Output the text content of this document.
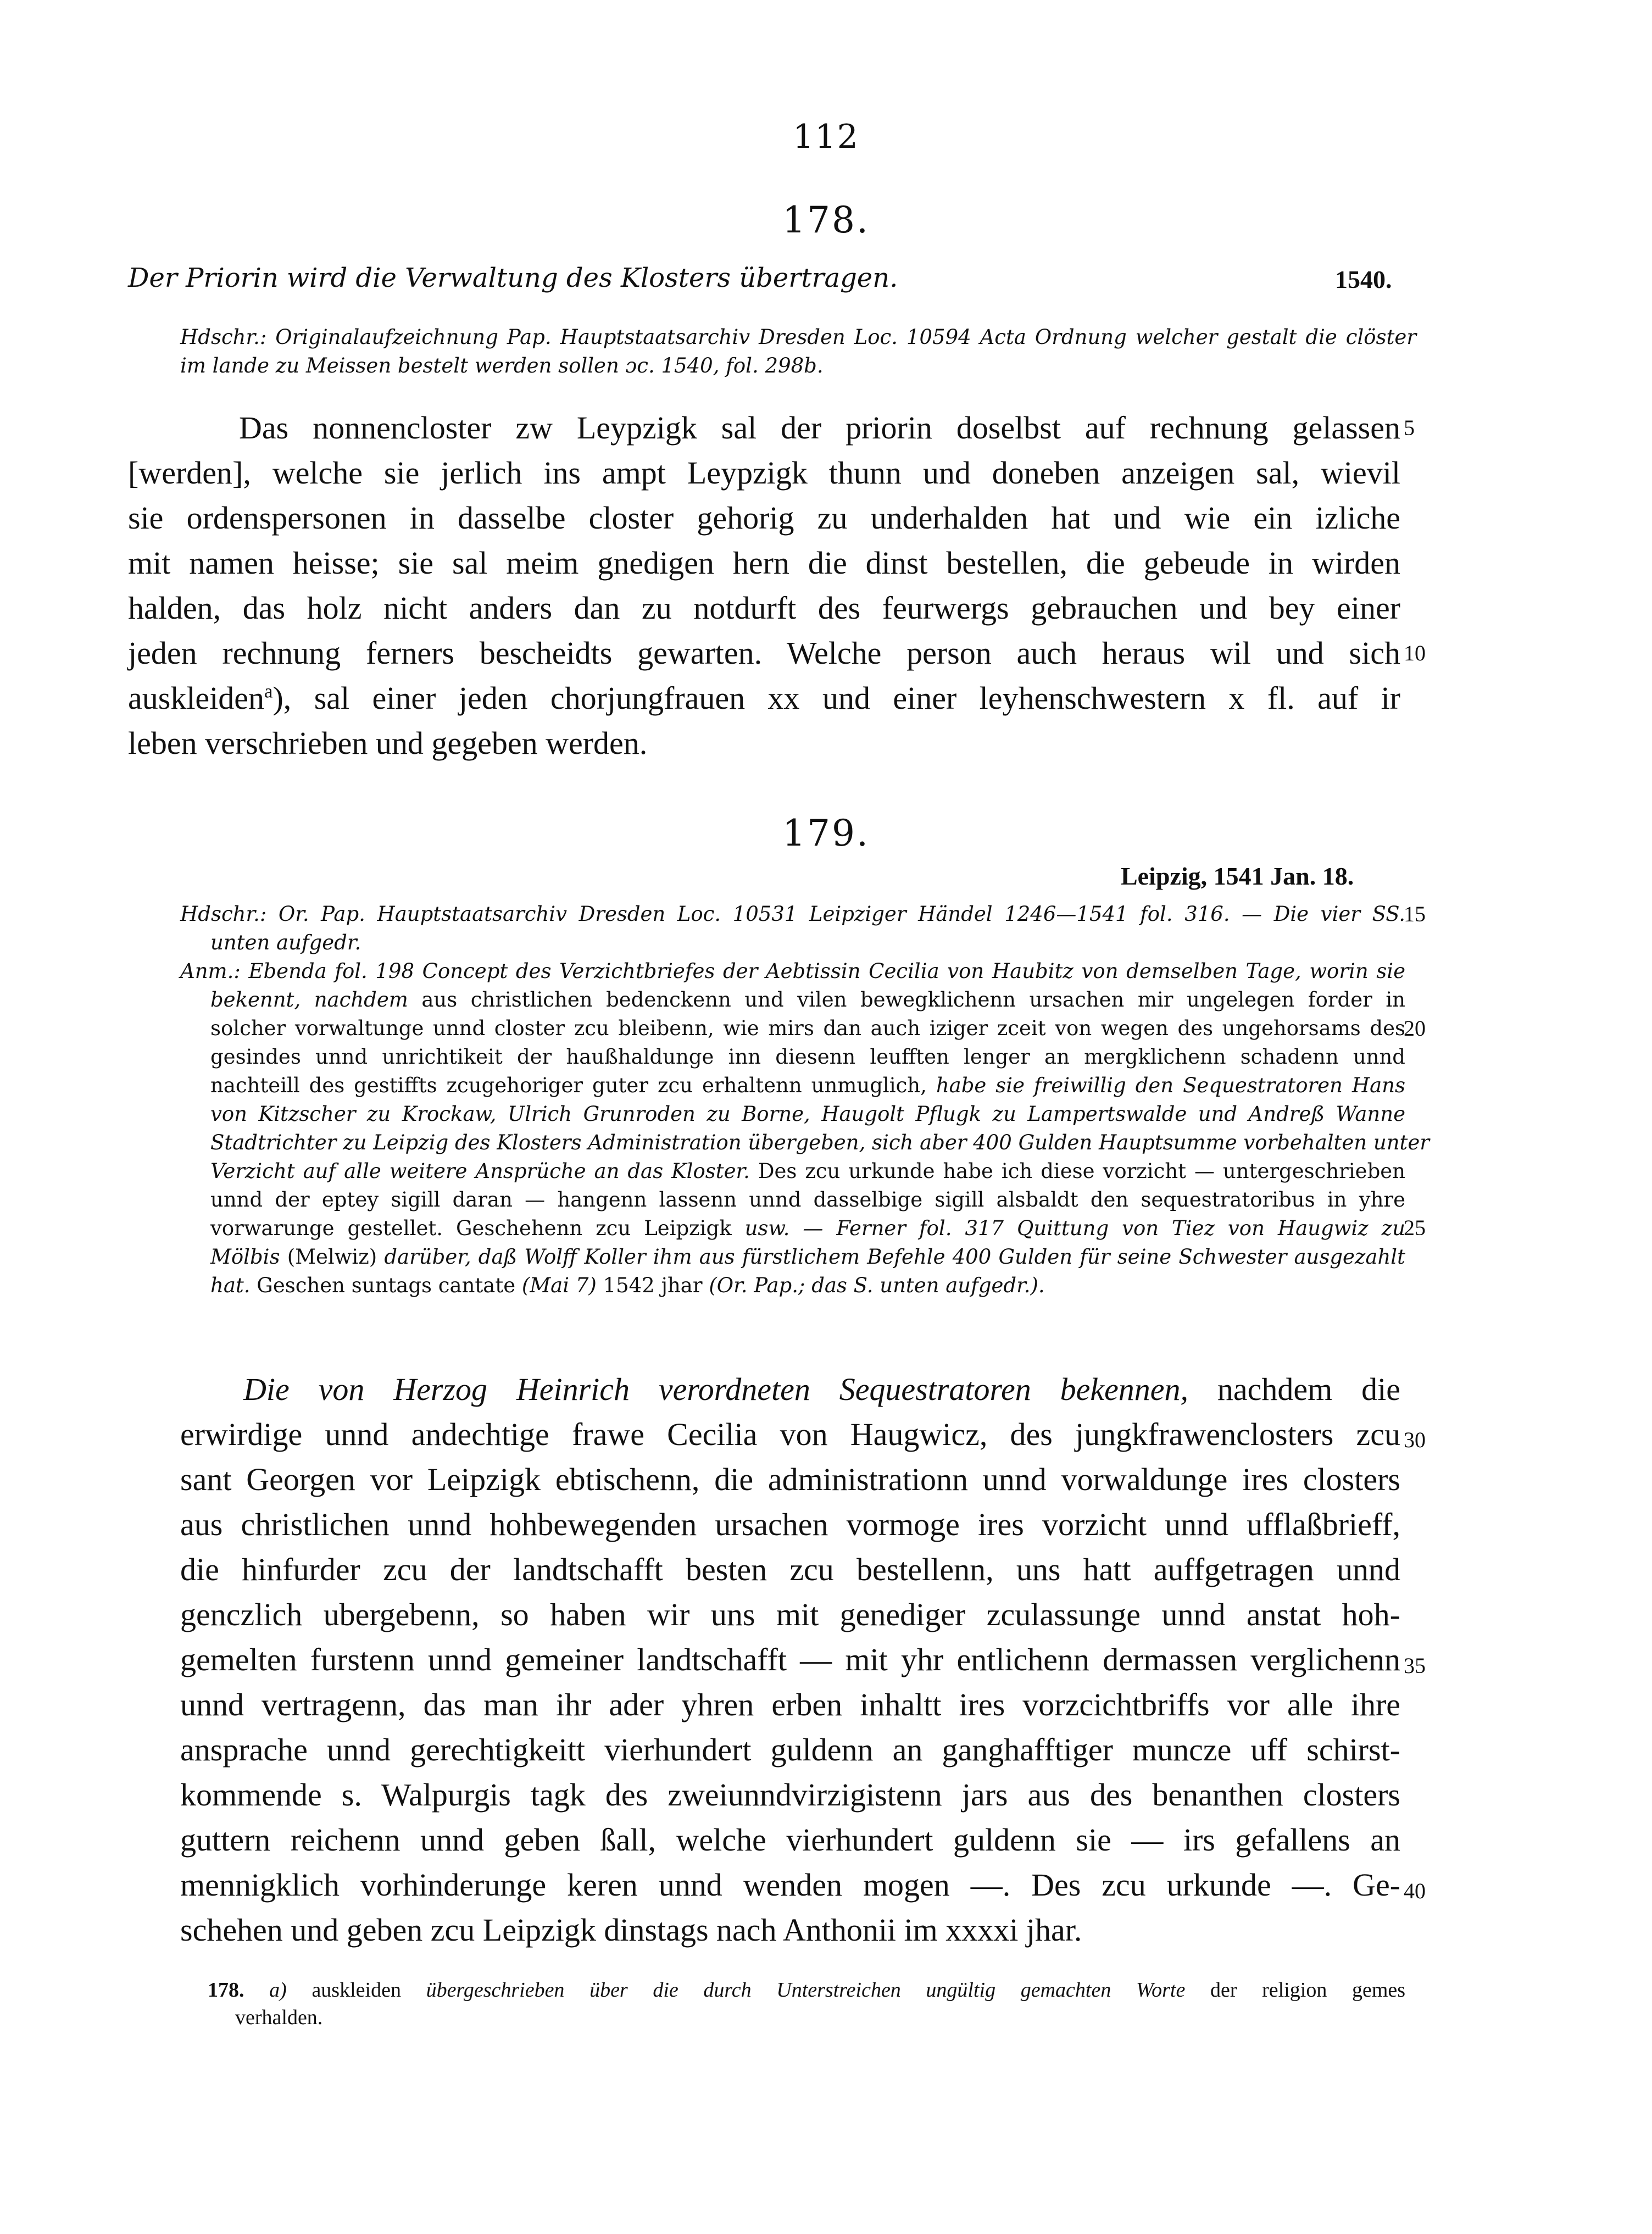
112
178.
Der Priorin wird die Verwaltung des Klosters übertragen.	1540.
Hdschr.: Originalaufzeichnung Pap. Hauptstaatsarchiv Dresden Loc. 10594 Acta Ordnung welcher gestalt die clöster
im lande zu Meissen bestelt werden sollen ɔc. 1540, fol. 298b.
Das nonnencloster zw Leypzigk sal der priorin doselbst auf rechnung gelassen
[werden], welche sie jerlich ins ampt Leypzigk thunn und doneben anzeigen sal, wievil
sie ordenspersonen in dasselbe closter gehorig zu underhalden hat und wie ein izliche
mit namen heisse; sie sal meim gnedigen hern die dinst bestellen, die gebeude in wirden
halden, das holz nicht anders dan zu notdurft des feurwergs gebrauchen und bey einer
jeden rechnung ferners bescheidts gewarten. Welche person auch heraus wil und sich
auskleiden$^a$), sal einer jeden chorjungfrauen xx und einer leyhenschwestern x fl. auf ir
leben verschrieben und gegeben werden.
179.
Leipzig, 1541 Jan. 18.
Hdschr.: Or. Pap. Hauptstaatsarchiv Dresden Loc. 10531 Leipziger Händel 1246—1541 fol. 316. — Die vier SS.
unten aufgedr.
Anm.: Ebenda fol. 198 Concept des Verzichtbriefes der Aebtissin Cecilia von Haubitz von demselben Tage, worin sie
bekennt, nachdem aus christlichen bedenckenn und vilen bewegklichenn ursachen mir ungelegen forder in
solcher vorwaltunge unnd closter zcu bleibenn, wie mirs dan auch iziger zceit von wegen des ungehorsams des
gesindes unnd unrichtikeit der haußhaldunge inn diesenn leufften lenger an mergklichenn schadenn unnd
nachteill des gestiffts zcugehoriger guter zcu erhaltenn unmuglich, habe sie freiwillig den Sequestratoren Hans
von Kitzscher zu Krockaw, Ulrich Grunroden zu Borne, Haugolt Pflugk zu Lampertswalde und Andreß Wanne
Stadtrichter zu Leipzig des Klosters Administration übergeben, sich aber 400 Gulden Hauptsumme vorbehalten unter
Verzicht auf alle weitere Ansprüche an das Kloster. Des zcu urkunde habe ich diese vorzicht — untergeschrieben
unnd der eptey sigill daran — hangenn lassenn unnd dasselbige sigill alsbaldt den sequestratoribus in yhre
vorwarunge gestellet. Geschehenn zcu Leipzigk usw. — Ferner fol. 317 Quittung von Tiez von Haugwiz zu
Mölbis (Melwiz) darüber, daß Wolff Koller ihm aus fürstlichem Befehle 400 Gulden für seine Schwester ausgezahlt
hat. Geschen suntags cantate (Mai 7) 1542 jhar (Or. Pap.; das S. unten aufgedr.).
Die von Herzog Heinrich verordneten Sequestratoren bekennen, nachdem die
erwirdige unnd andechtige frawe Cecilia von Haugwicz, des jungkfrawenclosters zcu
sant Georgen vor Leipzigk ebtischenn, die administrationn unnd vorwaldunge ires closters
aus christlichen unnd hohbewegenden ursachen vormoge ires vorzicht unnd ufflaßbrieff,
die hinfurder zcu der landtschafft besten zcu bestellenn, uns hatt auffgetragen unnd
genczlich ubergebenn, so haben wir uns mit genediger zculassunge unnd anstat hoh-
gemelten furstenn unnd gemeiner landtschafft — mit yhr entlichenn dermassen verglichenn
unnd vertragenn, das man ihr ader yhren erben inhaltt ires vorzcichtbriffs vor alle ihre
ansprache unnd gerechtigkeitt vierhundert guldenn an ganghafftiger muncze uff schirst-
kommende s. Walpurgis tagk des zweiunndvirzigistenn jars aus des benanthen closters
guttern reichenn unnd geben ßall, welche vierhundert guldenn sie — irs gefallens an
mennigklich vorhinderunge keren unnd wenden mogen —. Des zcu urkunde —. Ge-
schehen und geben zcu Leipzigk dinstags nach Anthonii im xxxxi jhar.
5
10
15
20
25
30
35
40
178. a) auskleiden übergeschrieben über die durch Unterstreichen ungültig gemachten Worte der religion gemes
verhalden.
